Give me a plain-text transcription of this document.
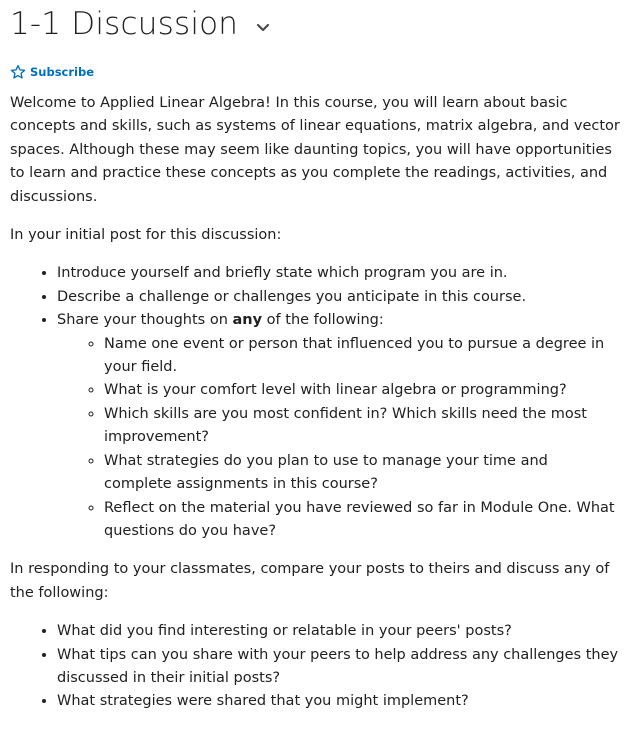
1-1 Discussion
Subscribe

Welcome to Applied Linear Algebra! In this course, you will learn about basic concepts and skills, such as systems of linear equations, matrix algebra, and vector spaces. Although these may seem like daunting topics, you will have opportunities to learn and practice these concepts as you complete the readings, activities, and discussions.

In your initial post for this discussion:

• Introduce yourself and briefly state which program you are in.
• Describe a challenge or challenges you anticipate in this course.
• Share your thoughts on any of the following:
◦ Name one event or person that influenced you to pursue a degree in your field.
◦ What is your comfort level with linear algebra or programming?
◦ Which skills are you most confident in? Which skills need the most improvement?
◦ What strategies do you plan to use to manage your time and complete assignments in this course?
◦ Reflect on the material you have reviewed so far in Module One. What questions do you have?

In responding to your classmates, compare your posts to theirs and discuss any of the following:

• What did you find interesting or relatable in your peers' posts?
• What tips can you share with your peers to help address any challenges they discussed in their initial posts?
• What strategies were shared that you might implement?
